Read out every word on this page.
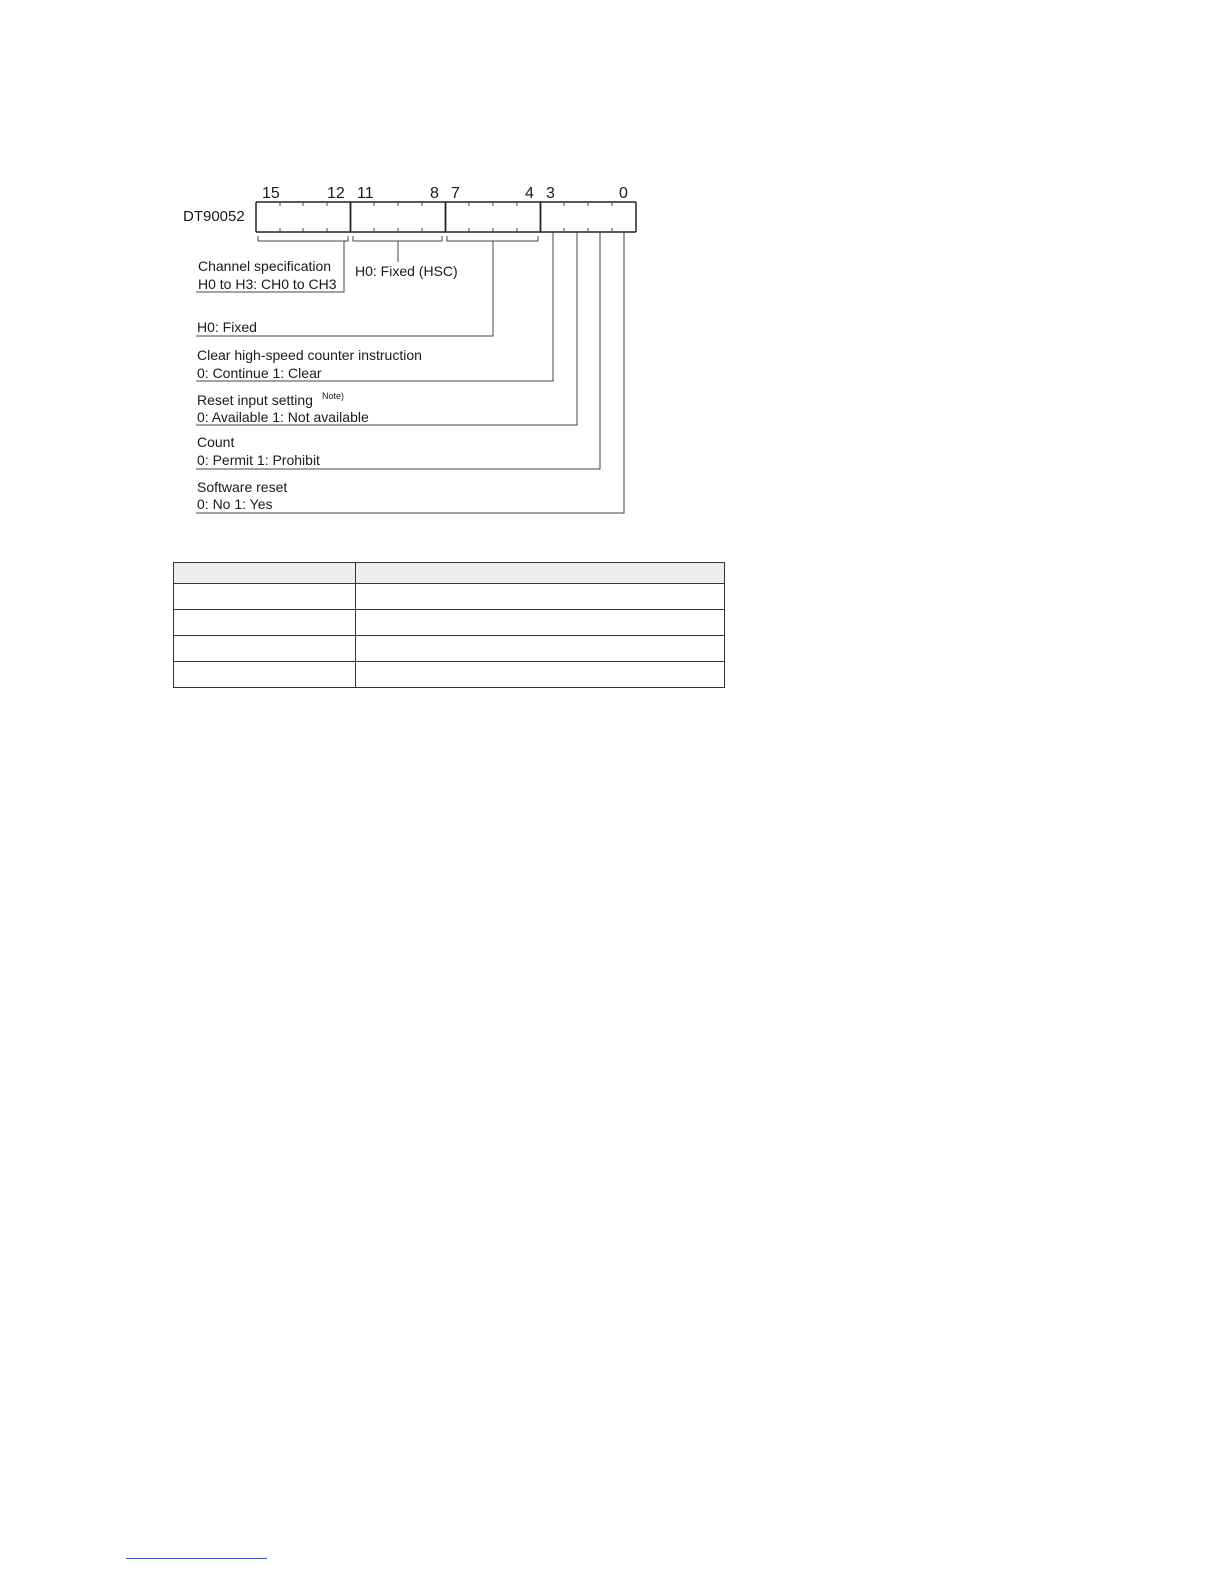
15	12 11	8 7	4 3	0
DT90052
Channel specification
H0 to H3: CH0 to CH3
H0: Fixed (HSC)
H0: Fixed
Clear high-speed counter instruction
0: Continue 1: Clear
Reset input setting Note)
0: Available 1: Not available
Count
0: Permit 1: Prohibit
Software reset
0: No 1: Yes
